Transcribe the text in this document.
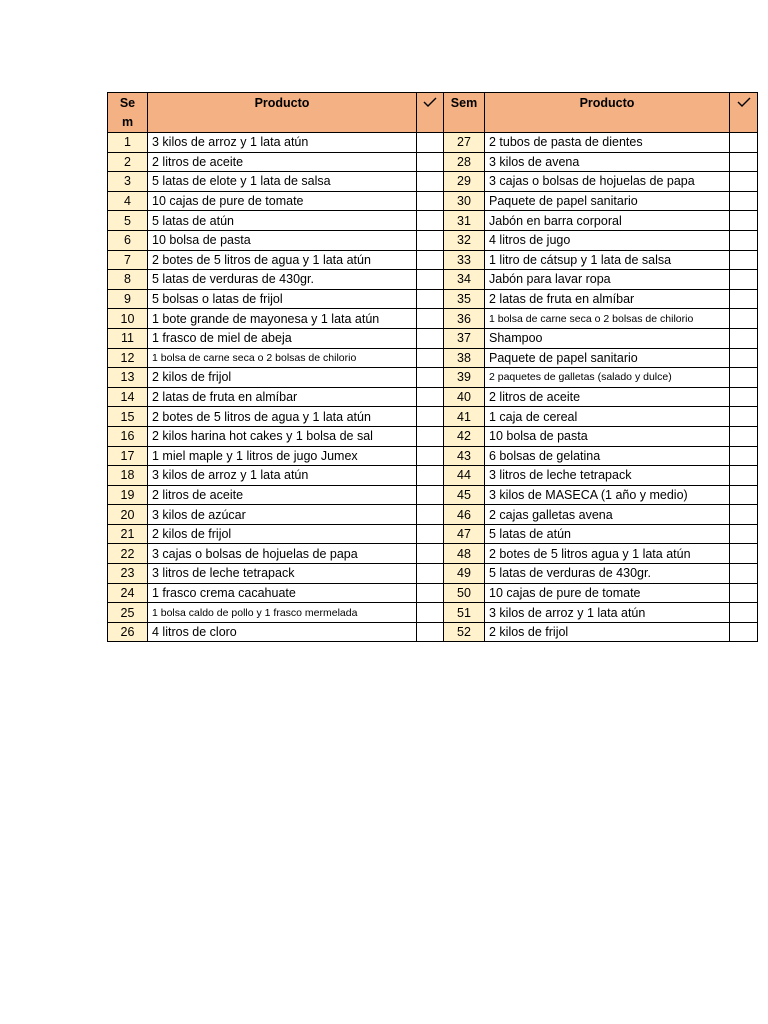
Se
m	Producto		Sem	Producto	
1	3 kilos de arroz y 1 lata atún		27	2 tubos de pasta de dientes	
2	2 litros de aceite		28	3 kilos de avena	
3	5 latas de elote y 1 lata de salsa		29	3 cajas o bolsas de hojuelas de papa	
4	10 cajas de pure de tomate		30	Paquete de papel sanitario	
5	5 latas de atún		31	Jabón en barra corporal	
6	10 bolsa de pasta		32	4 litros de jugo	
7	2 botes de 5 litros de agua y 1 lata atún		33	1 litro de cátsup y 1 lata de salsa	
8	5 latas de verduras de 430gr.		34	Jabón para lavar ropa	
9	5 bolsas o latas de frijol		35	2 latas de fruta en almíbar	
10	1 bote grande de mayonesa y 1 lata atún		36	1 bolsa de carne seca o 2 bolsas de chilorio	
11	1 frasco de miel de abeja		37	Shampoo	
12	1 bolsa de carne seca o 2 bolsas de chilorio		38	Paquete de papel sanitario	
13	2 kilos de frijol		39	2 paquetes de galletas (salado y dulce)	
14	2 latas de fruta en almíbar		40	2 litros de aceite	
15	2 botes de 5 litros de agua y 1 lata atún		41	1 caja de cereal	
16	2 kilos harina hot cakes y 1 bolsa de sal		42	10 bolsa de pasta	
17	1 miel maple y 1 litros de jugo Jumex		43	6 bolsas de gelatina	
18	3 kilos de arroz y 1 lata atún		44	3 litros de leche tetrapack	
19	2 litros de aceite		45	3 kilos de MASECA (1 año y medio)	
20	3 kilos de azúcar		46	2 cajas galletas avena	
21	2 kilos de frijol		47	5 latas de atún	
22	3 cajas o bolsas de hojuelas de papa		48	2 botes de 5 litros agua y 1 lata atún	
23	3 litros de leche tetrapack		49	5 latas de verduras de 430gr.	
24	1 frasco crema cacahuate		50	10 cajas de pure de tomate	
25	1 bolsa caldo de pollo y 1 frasco mermelada		51	3 kilos de arroz y 1 lata atún	
26	4 litros de cloro		52	2 kilos de frijol	
